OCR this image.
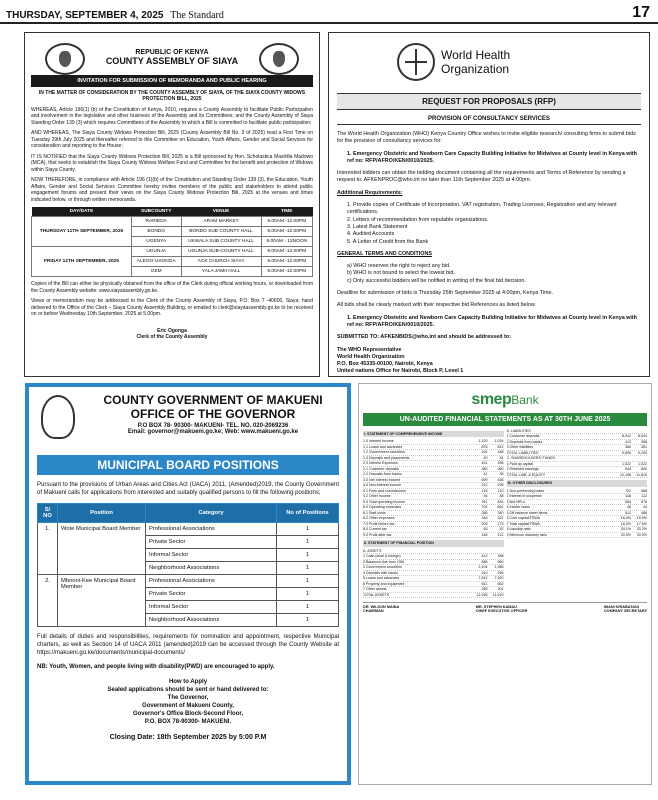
THURSDAY, SEPTEMBER 4, 2025 The Standard	17
REPUBLIC OF KENYA
COUNTY ASSEMBLY OF SIAYA
INVITATION FOR SUBMISSION OF MEMORANDA AND PUBLIC HEARING
IN THE MATTER OF CONSIDERATION BY THE COUNTY ASSEMBLY OF SIAYA, OF THE SIAYA COUNTY WIDOWS PROTECTION BILL, 2025
WHEREAS, Article 196(1) (b) of the Constitution of Kenya, 2010, requires a County Assembly to facilitate Public Participation and involvement in the legislative and other business of the Assembly and its Committees; and the County Assembly of Siaya Standing Order 139 (3) which requires Committees of the Assembly to which a Bill is committed to facilitate public participation;
AND WHEREAS, The Siaya County Widows Protection Bill, 2025 (County Assembly Bill No. 3 of 2025) read a First Time on Tuesday 29th July 2025 and thereafter referred to this Committee on Education, Youth Affairs, Gender and Social Services for consideration and reporting to the House;
IT IS NOTIFIED that the Siaya County Widows Protection Bill, 2025 is a Bill sponsored by Hon. Scholastica Mashilla Madowo (MCA), that seeks to establish the Siaya County Widows Welfare Fund and Committee for the benefit and protection of Widows within Siaya County.
NOW THEREFORE, in compliance with Article 196 (1)(b) of the Constitution and Standing Order 139 (3), the Education, Youth Affairs, Gender and Social Services Committee hereby invites members of the public and stakeholders to attend public engagement forums and present their views on the Siaya County Widows Protection Bill, 2025 at the venues and times indicated below, or through written memoranda.
DAY/DATE	SUBCOUNTY	VENUE	TIME
THURSDAY 11TH SEPTEMBER, 2025	RARIEDA	ARAM MARKET	9.00AM -12.00PM
	BONDO	BONDO SUB COUNTY HALL	9.00AM -12.00PM
	UGENYA	UKWALA SUB COUNTY HALL	9.00AM - 12NOON
FRIDAY 12TH SEPTEMBER, 2025	UGUNJA	UGUNJA SUB-COUNTY HALL	9.00AM -12.00PM
	ALEGO-USONGA	ACK CHURCH SIAYA	9.00AM -12.00PM
	GEM	YALA JAMII HALL	9.00AM -12.00PM
Copies of the Bill can either be physically obtained from the office of the Clerk during official working hours, or downloaded from the County Assembly website: www.siayaassembly.go.ke.
Views or memorandum may be addressed to the Clerk of the County Assembly of Siaya, P.O. Box 7 -40600, Siaya; hand delivered to the Office of the Clerk – Siaya County Assembly Building, or emailed to clerk@siayaassembly.go.ke to be received on or before Wednesday 10th September, 2025 at 5.00pm.
Eric Ogonga
Clerk of the County Assembly
World Health
Organization
REQUEST FOR PROPOSALS (RFP)
PROVISION OF CONSULTANCY SERVICES
The World Health Organization (WHO) Kenya Country Office wishes to invite eligible research/ consulting firms to submit bids for the provision of consultancy services for:
1. Emergency Obstetric and Newborn Care Capacity Building Initiative for Midwives at County level in Kenya with ref no: RFP/AFRO/KEN/0010/2025.
Interested bidders can obtain the bidding document containing all the requirements and Terms of Reference by sending a request to: AFKENPROC@who.int no later than 11th September 2025 at 4:00pm.
Additional Requirements:
1. Provide copies of Certificate of Incorporation, VAT registration, Trading Licenses, Registration and any relevant certifications.
2. Letters of recommendation from reputable organizations.
3. Latest Bank Statement
4. Audited Accounts
5. A Letter of Credit from the Bank
GENERAL TERMS AND CONDITIONS
a) WHO reserves the right to reject any bid.
b) WHO is not bound to select the lowest bid.
c) Only successful bidders will be notified in writing of the final bid decision.
Deadline for submission of bids is Thursday 25th September 2025 at 4:00pm, Kenya Time.
All bids shall be clearly marked with their respective bid References as listed below.
1. Emergency Obstetric and Newborn Care Capacity Building Initiative for Midwives at County level in Kenya with ref no: RFP/AFRO/KEN/0010/2025.
SUBMITTED TO: AFKENBIDS@who.int and should be addressed to:
The WHO Representative
World Health Organization
P.O. Box 45335-00100, Nairobi, Kenya
United nations Office for Nairobi, Block P, Level 1
COUNTY GOVERNMENT OF MAKUENI
OFFICE OF THE GOVERNOR
P.O BOX 78- 90300- MAKUENI- TEL. NO. 020-2069236
Email: governor@makueni.go.ke; Web: www.makueni.go.ke
MUNICIPAL BOARD POSITIONS
Pursuant to the provisions of Urban Areas and Cities Act (UACA) 2011, (Amended)2019, the County Government of Makueni calls for applications from interested and suitably qualified persons to fill the following positions;
S/ NO	Position	Category	No of Positions
1.	Wote Municipal Board Member	Professional Associations	1
		Private Sector	1
		Informal Sector	1
		Neighborhood Associations	1
2.	Mbooni-Kee Municipal Board Member	Professional Associations	1
		Private Sector	1
		Informal Sector	1
		Neighborhood Associations	1
Full details of duties and responsibilities, requirements for nomination and appointment, respective Municipal charters, as well as Section 14 of UACA 2011 (amended)2019 can be accessed through the County Website at https://makueni.go.ke/documents/municipal-documents/
NB: Youth, Women, and people living with disability(PWD) are encouraged to apply.
How to Apply
Sealed applications should be sent or hand delivered to:
The Governor,
Government of Makueni County,
Governor's Office Block-Second Floor,
P.O. BOX 78-90300- MAKUENI.
Closing Date: 18th September 2025 by 5:00 P.M
smepBank
UN-AUDITED FINANCIAL STATEMENTS AS AT 30TH JUNE 2025
I. STATEMENT OF COMPREHENSIVE INCOME
1.0 Interest Income	1,120	1,034
1.1 Loans and advances	876	812
1.2 Government securities	204	188
1.3 Deposits and placements	40	34
2.0 Interest Expenses	421	398
2.1 Customer deposits	380	360
2.2 Deposits from banks	41	38
3.0 Net Interest Income	699	636
4.0 Non-interest income	212	198
4.1 Fees and commissions	118	110
4.2 Other income	94	88
5.0 Total operating income	911	834
6.0 Operating expenses	702	661
6.1 Staff costs	356	340
6.2 Other expenses	346	321
7.0 Profit before tax	209	173
8.0 Current tax	63	52
9.0 Profit after tax	146	121
II. STATEMENT OF FINANCIAL POSITION
A. ASSETS
1 Cash (local & foreign)	412	398
2 Balances due from CBK	588	560
3 Government securities	2,104	1,988
4 Deposits with banks	310	296
5 Loans and advances	7,812	7,420
6 Property and equipment	641	652
7 Other assets	289	301
TOTAL ASSETS	12,156	11,615
B. LIABILITIES
1 Customer deposits	8,912	8,544
2 Deposits from banks	412	398
3 Other liabilities	366	351
TOTAL LIABILITIES	9,690	9,293
C. SHAREHOLDERS' FUNDS
1 Paid up capital	1,522	1,522
2 Retained earnings	944	800
TOTAL LIAB. & EQUITY	12,156	11,615
III. OTHER DISCLOSURES
1 Non-performing loans	702	688
2 Interest in suspense	118	112
3 Net NPLs	584	576
4 Insider loans	46	44
5 Off-balance sheet items	512	488
6 Core capital/TRWA	16.4%	15.9%
7 Total capital/TRWA	18.2%	17.6%
8 Liquidity ratio	34.1%	33.2%
9 Minimum statutory ratio	20.0%	20.0%
DR. WILSON MAINA
CHAIRMAN
MR. STEPHEN KAMAU
CHIEF EXECUTIVE OFFICER
IMANI KIRABATANI
COMPANY SECRETARY
